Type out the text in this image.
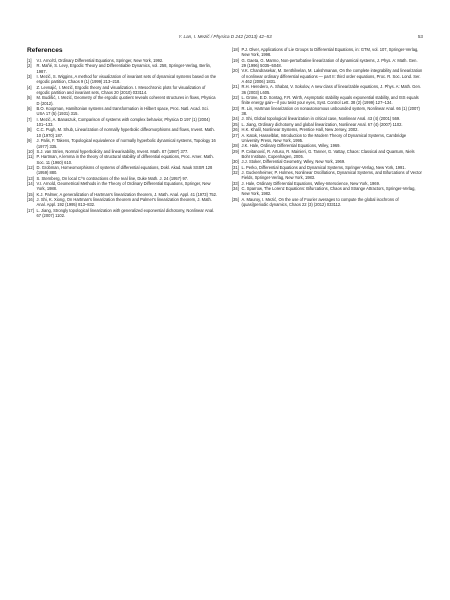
Y. Lan, I. Mezić / Physica D 242 (2013) 42–53	53
References
[1]	V.I. Arnol'd, Ordinary Differential Equations, Springer, New York, 1992.
[2]	R. Mañé, S. Levy, Ergodic Theory and Differentiable Dynamics, vol. 258, Springer-Verlag, Berlin, 1987.
[3]	I. Mezić, S. Wiggins, A method for visualization of invariant sets of dynamical systems based on the ergodic partition, Chaos 9 (1) (1999) 213–218.
[4]	Z. Levnajić, I. Mezić, Ergodic theory and visualization. I. Mesochronic plots for visualization of ergodic partition and invariant sets, Chaos 20 (2010) 033114.
[5]	M. Budišić, I. Mezić, Geometry of the ergodic quotient reveals coherent structures in flows, Physica D (2012).
[6]	B.O. Koopman, Hamiltonian systems and transformation in Hilbert space, Proc. Natl. Acad. Sci. USA 17 (5) (1931) 315.
[7]	I. Mezić, A. Banaszuk, Comparison of systems with complex behavior, Physica D 197 (1) (2004) 101–133.
[8]	C.C. Pugh, M. Shub, Linearization of normally hyperbolic diffeomorphisms and flows, Invent. Math. 10 (1970) 187.
[9]	J. Palis, F. Takens, Topological equivalence of normally hyperbolic dynamical systems, Topology 16 (1977) 335.
[10] S.J. van Strien, Normal hyperbolicity and linearisability, Invent. Math. 87 (1987) 377.
[11] P. Hartman, A lemma in the theory of structural stability of differential equations, Proc. Amer. Math. Soc. 11 (1960) 610.
[12] D. Grobman, Homeomorphisms of systems of differential equations, Dokl. Akad. Nauk SSSR 128 (1959) 880.
[13] S. Sternberg, On local C^n contractions of the real line, Duke Math. J. 24 (1957) 97.
[14] V.I. Arnold, Geometrical Methods in the Theory of Ordinary Differential Equations, Springer, New York, 1988.
[15] K.J. Palmer, A generalization of Hartman's linearization theorem, J. Math. Anal. Appl. 41 (1973) 752.
[16] J. Shi, K. Xiong, On Hartman's linearization theorem and Palmer's linearization theorem, J. Math. Anal. Appl. 192 (1995) 813–832.
[17] L. Jiang, Strongly topological linearization with generalized exponential dichotomy, Nonlinear Anal. 67 (2007) 1102.
[18] P.J. Olver, Applications of Lie Groups to Differential Equations, in: GTM, vol. 107, Springer-Verlag, New York, 1998.
[19] G. Gaeta, G. Marmo, Non-perturbative linearization of dynamical systems, J. Phys. A: Math. Gen. 29 (1996) 5035–5048.
[20] V.K. Chandrasekar, M. Senthilvelan, M. Lakshmanan, On the complete integrability and linearization of nonlinear ordinary differential equations — part II: third order equations, Proc. R. Soc. Lond. Ser. A 462 (2006) 1831.
[21] R.H. Heredero, A. Shabat, V. Sokolov, A new class of linearizable equations, J. Phys. A: Math. Gen. 36 (2003) L605.
[22] L. Grüne, E.D. Sontag, F.R. Wirth, Asymptotic stability equals exponential stability, and ISS equals finite energy gain—if you twist your eyes, Syst. Control Lett. 38 (2) (1999) 127–134.
[23] R. Lin, Hartman linearization on nonautonomous unbounded system, Nonlinear Anal. 66 (1) (2007) 38.
[24] J. Shi, Global topological linearization in critical case, Nonlinear Anal. 43 (4) (2001) 569.
[25] L. Jiang, Ordinary dichotomy and global linearization, Nonlinear Anal. 67 (4) (2007) 1102.
[26] H.K. Khalil, Nonlinear Systems, Prentice Hall, New Jersey, 2002.
[27] A. Katok, Hasselblat, Introduction to the Modern Theory of Dynamical Systems, Cambridge University Press, New York, 1995.
[28] J.K. Hale, Ordinary Differential Equations, Wiley, 1969.
[29] P. Cvitanović, R. Artuso, R. Mainieri, G. Tanner, G. Vattay, Chaos: Classical and Quantum, Niels Bohr Institute, Copenhagen, 2005.
[30] J.J. Stoker, Differential Geometry, Wiley, New York, 1969.
[31] L. Perko, Differential Equations and Dynamical Systems, Springer-Verlag, New York, 1991.
[32] J. Guckenheimer, P. Holmes, Nonlinear Oscillations, Dynamical Systems, and Bifurcations of Vector Fields, Springer-Verlag, New York, 1983.
[33] J. Hale, Ordinary Differential Equations, Wiley-Interscience, New York, 1969.
[34] C. Sparrow, The Lorenz Equations: Bifurcations, Chaos and Strange Attractors, Springer-Verlag, New York, 1982.
[35] A. Mauroy, I. Mezić, On the use of Fourier averages to compute the global isochrons of (quasi)periodic dynamics, Chaos 22 (3) (2012) 033112.
